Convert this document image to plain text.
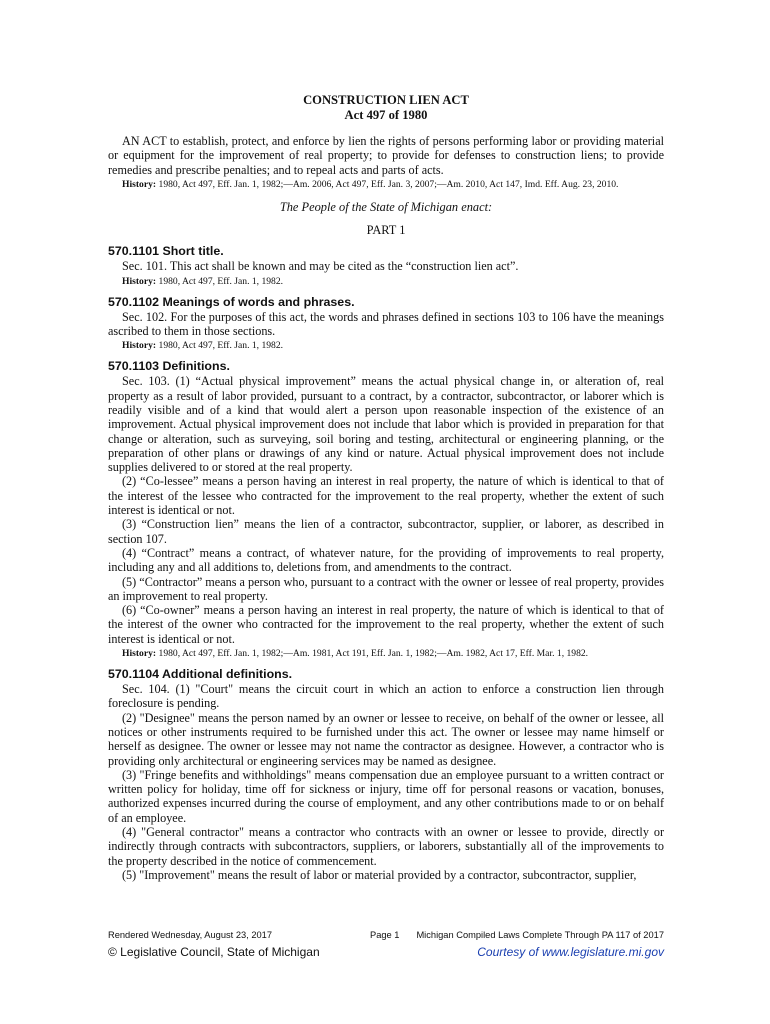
CONSTRUCTION LIEN ACT
Act 497 of 1980
AN ACT to establish, protect, and enforce by lien the rights of persons performing labor or providing material or equipment for the improvement of real property; to provide for defenses to construction liens; to provide remedies and prescribe penalties; and to repeal acts and parts of acts.
History: 1980, Act 497, Eff. Jan. 1, 1982;—Am. 2006, Act 497, Eff. Jan. 3, 2007;—Am. 2010, Act 147, Imd. Eff. Aug. 23, 2010.
The People of the State of Michigan enact:
PART 1
570.1101 Short title.
Sec. 101. This act shall be known and may be cited as the “construction lien act”.
History: 1980, Act 497, Eff. Jan. 1, 1982.
570.1102 Meanings of words and phrases.
Sec. 102. For the purposes of this act, the words and phrases defined in sections 103 to 106 have the meanings ascribed to them in those sections.
History: 1980, Act 497, Eff. Jan. 1, 1982.
570.1103 Definitions.
Sec. 103. (1) “Actual physical improvement” means the actual physical change in, or alteration of, real property as a result of labor provided, pursuant to a contract, by a contractor, subcontractor, or laborer which is readily visible and of a kind that would alert a person upon reasonable inspection of the existence of an improvement. Actual physical improvement does not include that labor which is provided in preparation for that change or alteration, such as surveying, soil boring and testing, architectural or engineering planning, or the preparation of other plans or drawings of any kind or nature. Actual physical improvement does not include supplies delivered to or stored at the real property.
(2) “Co-lessee” means a person having an interest in real property, the nature of which is identical to that of the interest of the lessee who contracted for the improvement to the real property, whether the extent of such interest is identical or not.
(3) “Construction lien” means the lien of a contractor, subcontractor, supplier, or laborer, as described in section 107.
(4) “Contract” means a contract, of whatever nature, for the providing of improvements to real property, including any and all additions to, deletions from, and amendments to the contract.
(5) “Contractor” means a person who, pursuant to a contract with the owner or lessee of real property, provides an improvement to real property.
(6) “Co-owner” means a person having an interest in real property, the nature of which is identical to that of the interest of the owner who contracted for the improvement to the real property, whether the extent of such interest is identical or not.
History: 1980, Act 497, Eff. Jan. 1, 1982;—Am. 1981, Act 191, Eff. Jan. 1, 1982;—Am. 1982, Act 17, Eff. Mar. 1, 1982.
570.1104 Additional definitions.
Sec. 104. (1) "Court" means the circuit court in which an action to enforce a construction lien through foreclosure is pending.
(2) "Designee" means the person named by an owner or lessee to receive, on behalf of the owner or lessee, all notices or other instruments required to be furnished under this act. The owner or lessee may name himself or herself as designee. The owner or lessee may not name the contractor as designee. However, a contractor who is providing only architectural or engineering services may be named as designee.
(3) "Fringe benefits and withholdings" means compensation due an employee pursuant to a written contract or written policy for holiday, time off for sickness or injury, time off for personal reasons or vacation, bonuses, authorized expenses incurred during the course of employment, and any other contributions made to or on behalf of an employee.
(4) "General contractor" means a contractor who contracts with an owner or lessee to provide, directly or indirectly through contracts with subcontractors, suppliers, or laborers, substantially all of the improvements to the property described in the notice of commencement.
(5) "Improvement" means the result of labor or material provided by a contractor, subcontractor, supplier,
Rendered Wednesday, August 23, 2017	Page 1 Michigan Compiled Laws Complete Through PA 117 of 2017
© Legislative Council, State of Michigan	Courtesy of www.legislature.mi.gov
